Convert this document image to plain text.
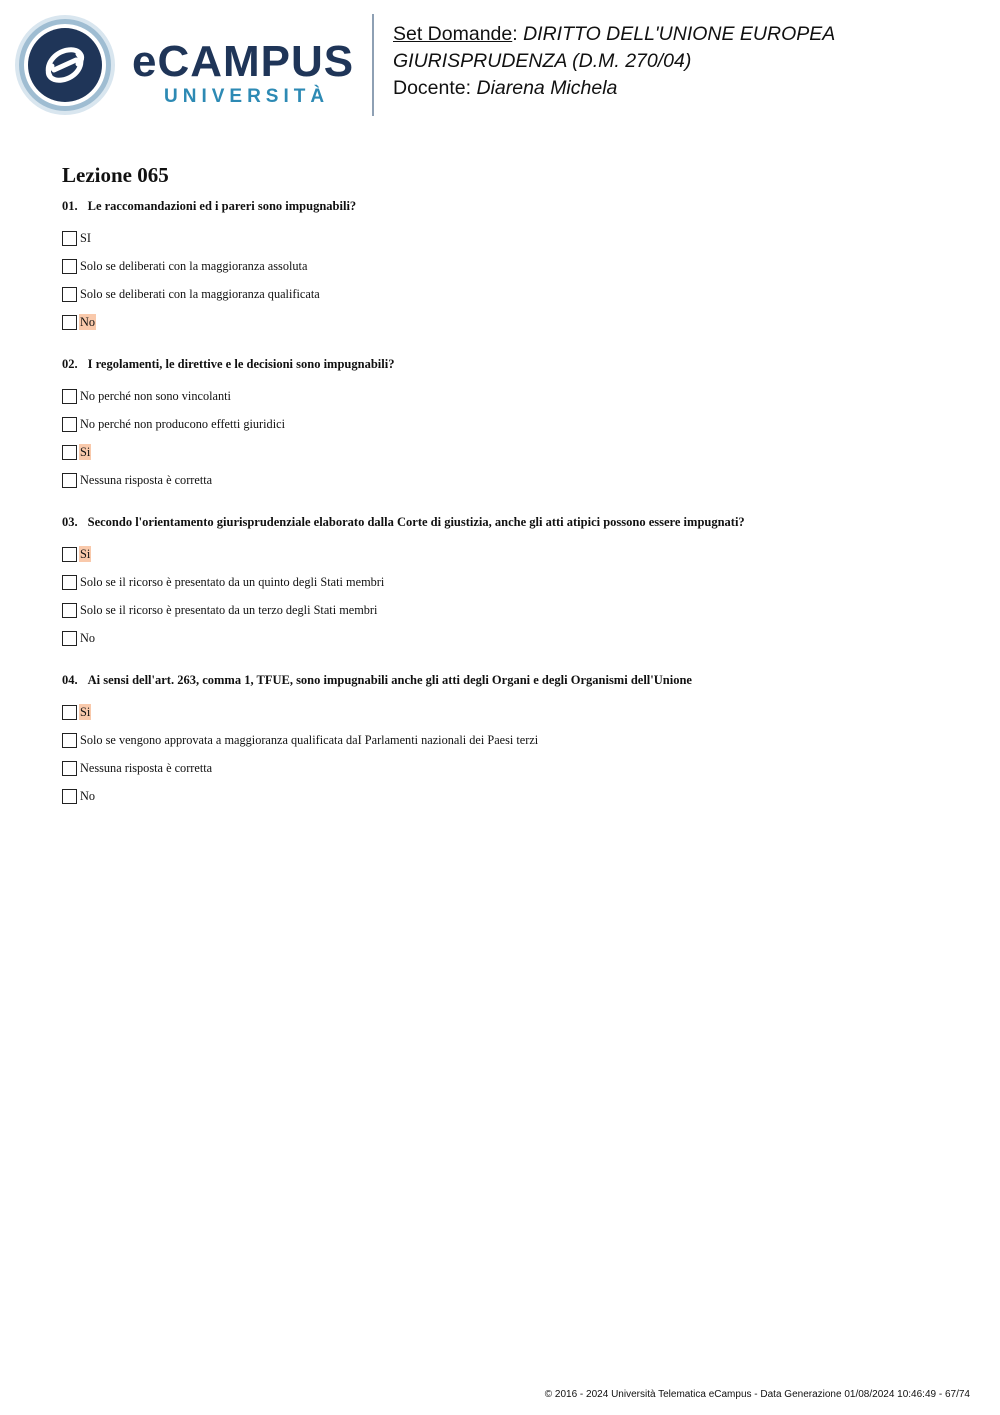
eCAMPUS
UNIVERSITÀ
Set Domande: DIRITTO DELL'UNIONE EUROPEA
GIURISPRUDENZA (D.M. 270/04)
Docente: Diarena Michela
Lezione 065
01. Le raccomandazioni ed i pareri sono impugnabili?
SI
Solo se deliberati con la maggioranza assoluta
Solo se deliberati con la maggioranza qualificata
No
02. I regolamenti, le direttive e le decisioni sono impugnabili?
No perché non sono vincolanti
No perché non producono effetti giuridici
Si
Nessuna risposta è corretta
03. Secondo l'orientamento giurisprudenziale elaborato dalla Corte di giustizia, anche gli atti atipici possono essere impugnati?
Si
Solo se il ricorso è presentato da un quinto degli Stati membri
Solo se il ricorso è presentato da un terzo degli Stati membri
No
04. Ai sensi dell'art. 263, comma 1, TFUE, sono impugnabili anche gli atti degli Organi e degli Organismi dell'Unione
Si
Solo se vengono approvata a maggioranza qualificata daI Parlamenti nazionali dei Paesi terzi
Nessuna risposta è corretta
No
© 2016 - 2024 Università Telematica eCampus - Data Generazione 01/08/2024 10:46:49 - 67/74
